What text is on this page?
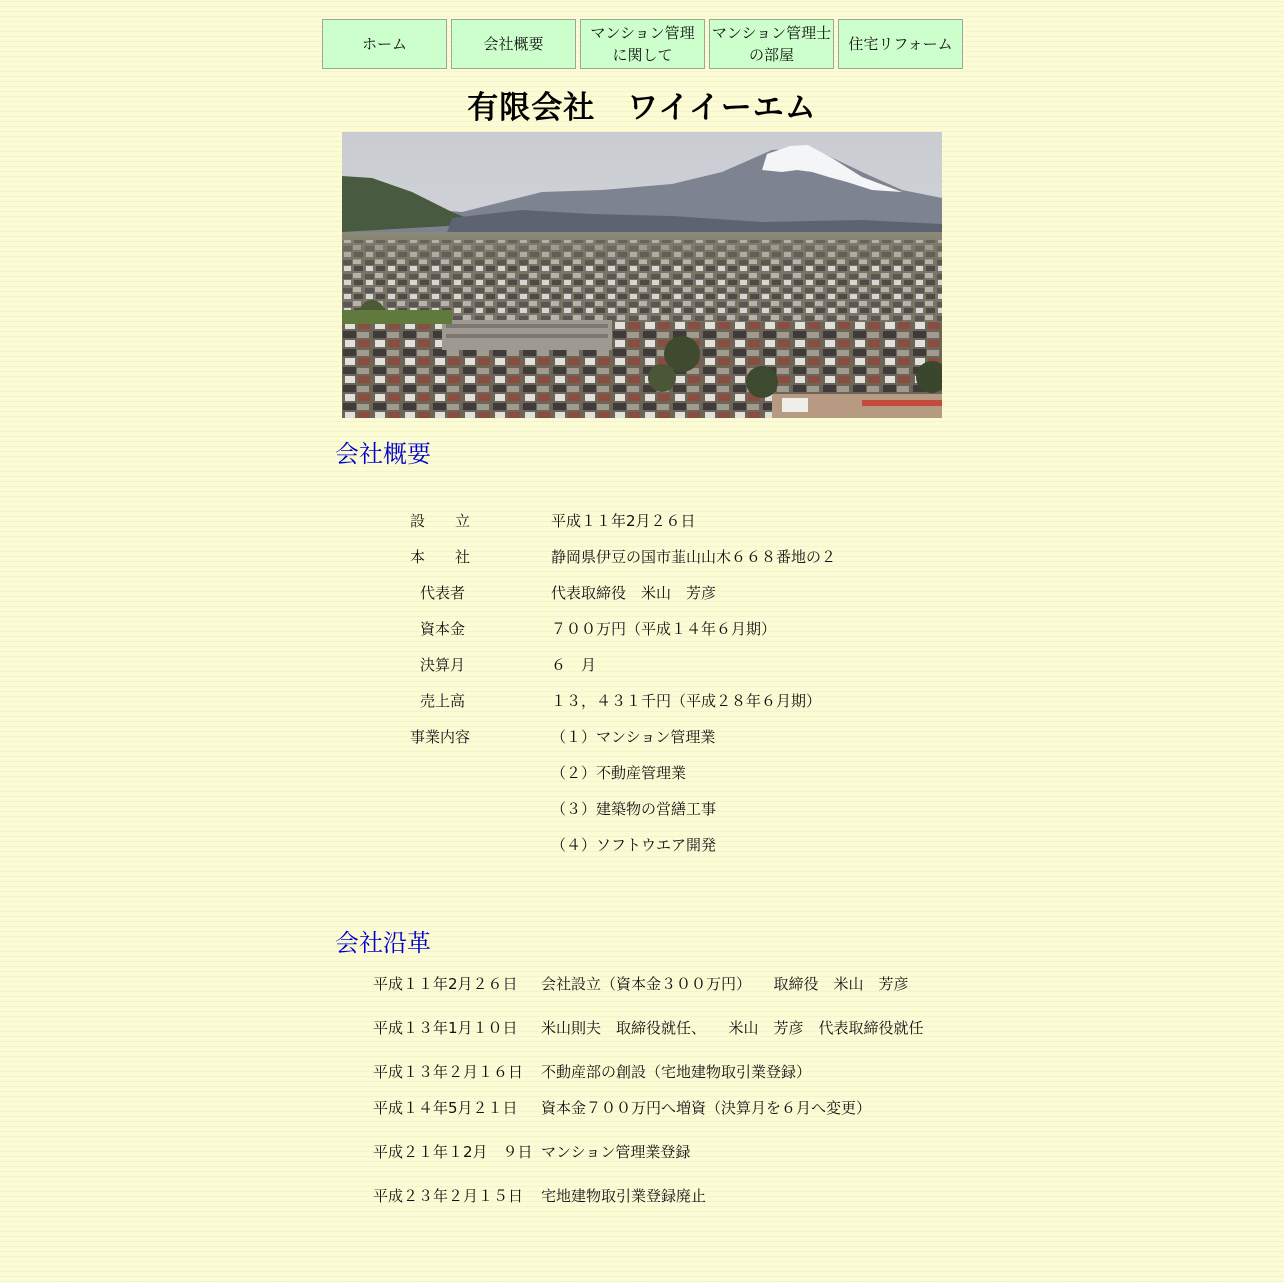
ホーム	会社概要
マンション管理
に関して
マンション管理士
の部屋
住宅リフォーム
有限会社　ワイイーエム
会社概要
設　　立	平成１１年2月２６日
本　　社	静岡県伊豆の国市韮山山木６６８番地の２
代表者	代表取締役　米山　芳彦
資本金	７００万円（平成１４年６月期）
決算月	６　月
売上高	１３，４３１千円（平成２８年６月期）
事業内容	（１）マンション管理業
	（２）不動産管理業
	（３）建築物の営繕工事
	（４）ソフトウエア開発
会社沿革
平成１１年2月２６日	会社設立（資本金３００万円）　　取締役　米山　芳彦
平成１３年1月１０日	米山則夫　取締役就任、　　米山　芳彦　代表取締役就任
平成１３年２月１６日	不動産部の創設（宅地建物取引業登録）
平成１４年5月２１日	資本金７００万円へ増資（決算月を６月へ変更）
平成２１年１2月　９日	マンション管理業登録
平成２３年２月１５日	宅地建物取引業登録廃止
